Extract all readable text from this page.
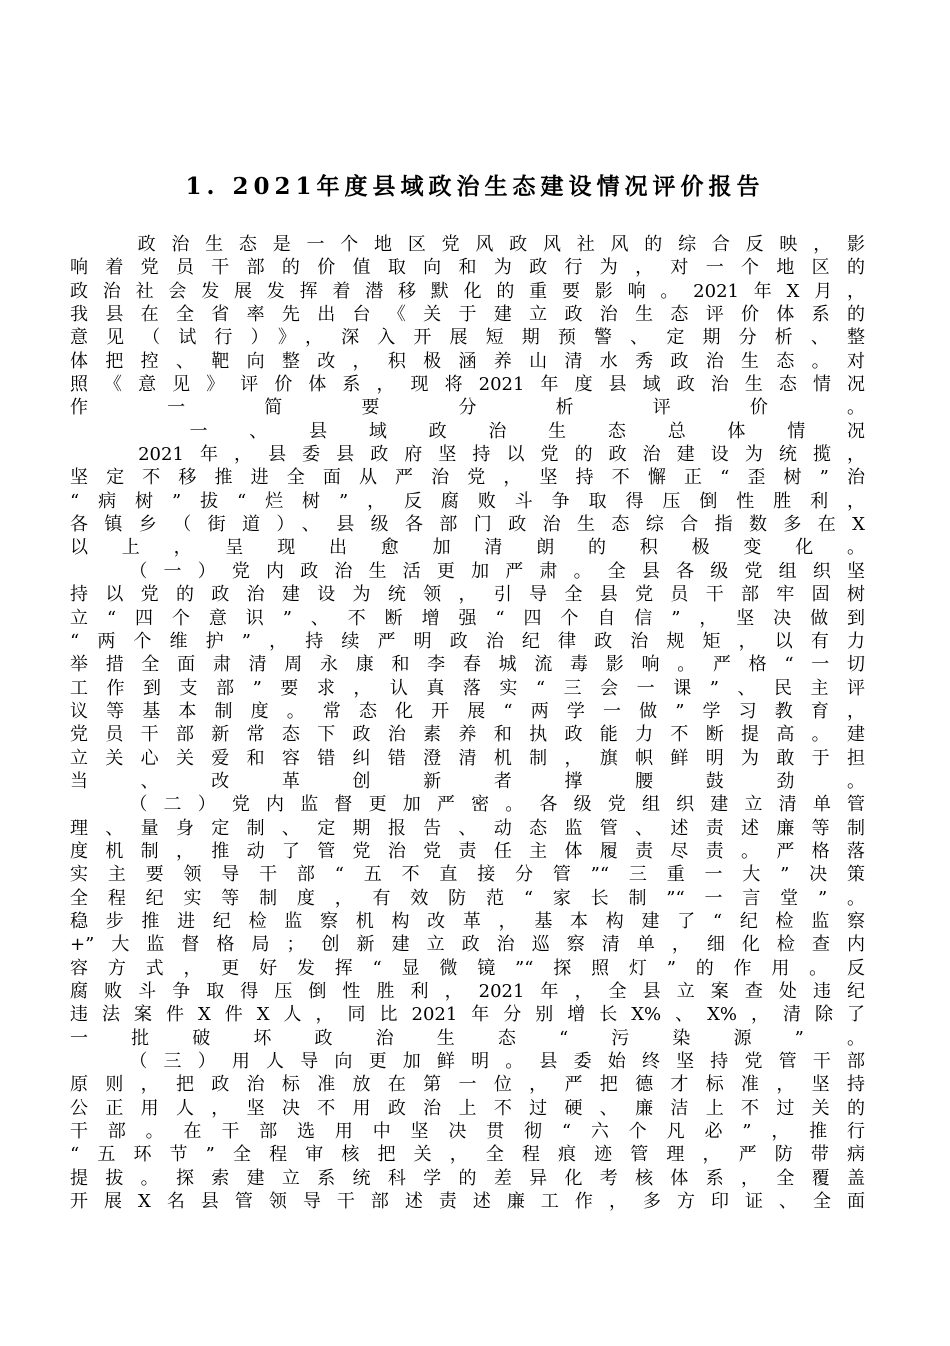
1. 2021年度县域政治生态建设情况评价报告
　　政治生态是一个地区党风政风社风的综合反映，影
响着党员干部的价值取向和为政行为，对一个地区的
政治社会发展发挥着潜移默化的重要影响。2021年X月，
我县在全省率先出台《关于建立政治生态评价体系的
意见（试行）》，深入开展短期预警、定期分析、整
体把控、靶向整改，积极涵养山清水秀政治生态。对
照《意见》评价体系，现将2021年度县域政治生态情况
作一简要分析评价。
　　一、县域政治生态总体情况
　　2021年，县委县政府坚持以党的政治建设为统揽，
坚定不移推进全面从严治党，坚持不懈正“歪树”治
“病树”拔“烂树”，反腐败斗争取得压倒性胜利，
各镇乡（街道）、县级各部门政治生态综合指数多在X
以上，呈现出愈加清朗的积极变化。
　　（一）党内政治生活更加严肃。全县各级党组织坚
持以党的政治建设为统领，引导全县党员干部牢固树
立“四个意识”、不断增强“四个自信”，坚决做到
“两个维护”，持续严明政治纪律政治规矩，以有力
举措全面肃清周永康和李春城流毒影响。严格“一切
工作到支部”要求，认真落实“三会一课”、民主评
议等基本制度。常态化开展“两学一做”学习教育，
党员干部新常态下政治素养和执政能力不断提高。建
立关心关爱和容错纠错澄清机制，旗帜鲜明为敢于担
当、改革创新者撑腰鼓劲。
　　（二）党内监督更加严密。各级党组织建立清单管
理、量身定制、定期报告、动态监管、述责述廉等制
度机制，推动了管党治党责任主体履责尽责。严格落
实主要领导干部“五不直接分管”“三重一大”决策
全程纪实等制度，有效防范“家长制”“一言堂”。
稳步推进纪检监察机构改革，基本构建了“纪检监察
+”大监督格局；创新建立政治巡察清单，细化检查内
容方式，更好发挥“显微镜”“探照灯”的作用。反
腐败斗争取得压倒性胜利，2021年，全县立案查处违纪
违法案件X件X人，同比2021年分别增长X%、X%，清除了
一批破坏政治生态“污染源”。
　　（三）用人导向更加鲜明。县委始终坚持党管干部
原则，把政治标准放在第一位，严把德才标准，坚持
公正用人，坚决不用政治上不过硬、廉洁上不过关的
干部。在干部选用中坚决贯彻“六个凡必”，推行
“五环节”全程审核把关，全程痕迹管理，严防带病
提拔。探索建立系统科学的差异化考核体系，全覆盖
开展X名县管领导干部述责述廉工作，多方印证、全面
